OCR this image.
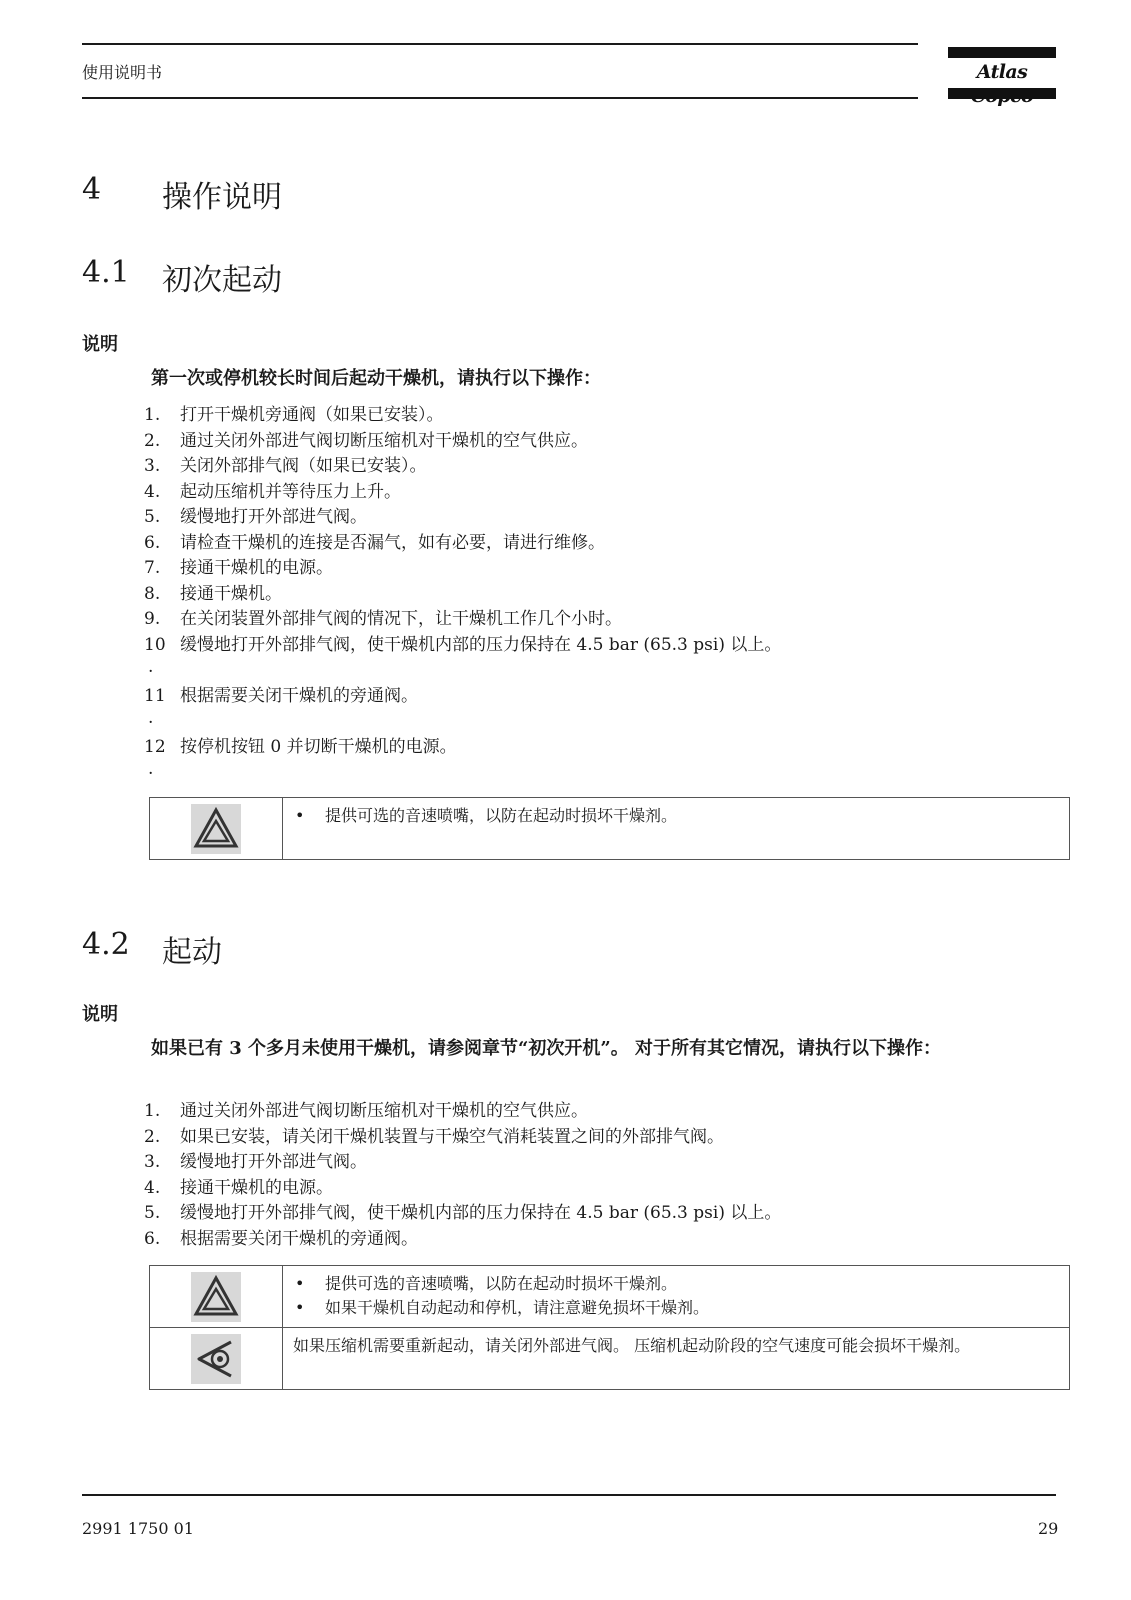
使用说明书	Atlas
4 操作说明
4.1 初次起动
说明
第一次或停机较长时间后起动干燥机，请执行以下操作：
1. 打开干燥机旁通阀（如果已安装）。
2. 通过关闭外部进气阀切断压缩机对干燥机的空气供应。
3. 关闭外部排气阀（如果已安装）。
4. 起动压缩机并等待压力上升。
5. 缓慢地打开外部进气阀。
6. 请检查干燥机的连接是否漏气，如有必要，请进行维修。
7. 接通干燥机的电源。
8. 接通干燥机。
9. 在关闭装置外部排气阀的情况下，让干燥机工作几个小时。
10 缓慢地打开外部排气阀，使干燥机内部的压力保持在 4.5 bar (65.3 psi) 以上。
.
11 根据需要关闭干燥机的旁通阀。
.
12 按停机按钮 0 并切断干燥机的电源。
.

• 提供可选的音速喷嘴，以防在起动时损坏干燥剂。
4.2 起动
说明
如果已有 3 个多月未使用干燥机，请参阅章节“初次开机”。 对于所有其它情况，请执行以下操作：
1. 通过关闭外部进气阀切断压缩机对干燥机的空气供应。
2. 如果已安装，请关闭干燥机装置与干燥空气消耗装置之间的外部排气阀。
3. 缓慢地打开外部进气阀。
4. 接通干燥机的电源。
5. 缓慢地打开外部排气阀，使干燥机内部的压力保持在 4.5 bar (65.3 psi) 以上。
6. 根据需要关闭干燥机的旁通阀。

• 提供可选的音速喷嘴，以防在起动时损坏干燥剂。
• 如果干燥机自动起动和停机，请注意避免损坏干燥剂。

如果压缩机需要重新起动，请关闭外部进气阀。 压缩机起动阶段的空气速度可能会损坏干燥剂。
2991 1750 01	29
